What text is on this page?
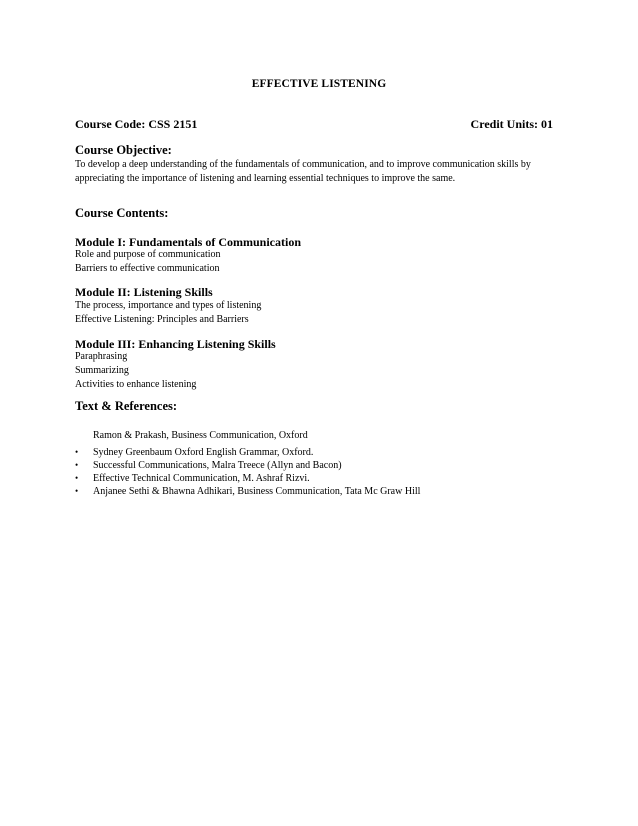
EFFECTIVE LISTENING
Course Code: CSS 2151	Credit Units: 01
Course Objective:
To develop a deep understanding of the fundamentals of communication, and to improve communication skills by
appreciating the importance of listening and learning essential techniques to improve the same.
Course Contents:
Module I: Fundamentals of Communication
Role and purpose of communication
Barriers to effective communication
Module II: Listening Skills
The process, importance and types of listening
Effective Listening: Principles and Barriers
Module III: Enhancing Listening Skills
Paraphrasing
Summarizing
Activities to enhance listening
Text & References:
Ramon & Prakash, Business Communication, Oxford
• Sydney Greenbaum Oxford English Grammar, Oxford.
• Successful Communications, Malra Treece (Allyn and Bacon)
• Effective Technical Communication, M. Ashraf Rizvi.
• Anjanee Sethi & Bhawna Adhikari, Business Communication, Tata Mc Graw Hill
